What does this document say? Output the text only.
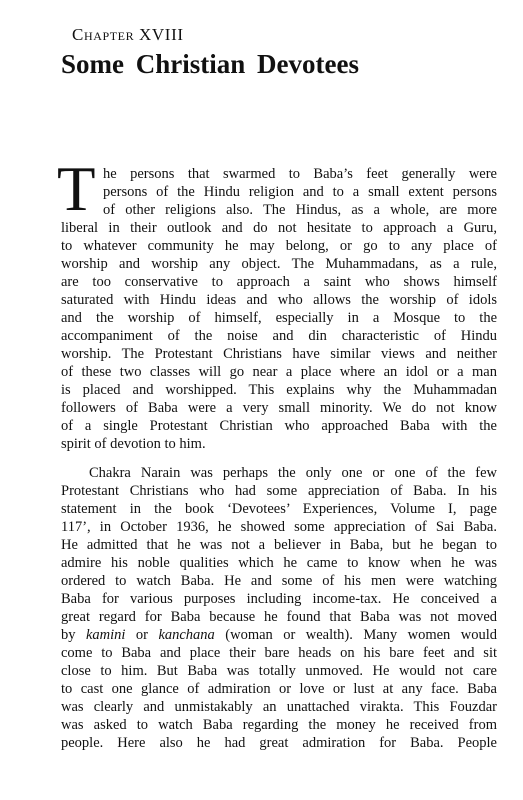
Chapter XVIII
Some Christian Devotees
T he persons that swarmed to Baba’s feet generally were
persons of the Hindu religion and to a small extent persons
of other religions also. The Hindus, as a whole, are more
liberal in their outlook and do not hesitate to approach a Guru,
to whatever community he may belong, or go to any place of
worship and worship any object. The Muhammadans, as a rule,
are too conservative to approach a saint who shows himself
saturated with Hindu ideas and who allows the worship of idols
and the worship of himself, especially in a Mosque to the
accompaniment of the noise and din characteristic of Hindu
worship. The Protestant Christians have similar views and neither
of these two classes will go near a place where an idol or a man
is placed and worshipped. This explains why the Muhammadan
followers of Baba were a very small minority. We do not know
of a single Protestant Christian who approached Baba with the
spirit of devotion to him.
Chakra Narain was perhaps the only one or one of the few
Protestant Christians who had some appreciation of Baba. In his
statement in the book ‘Devotees’ Experiences, Volume I, page
117’, in October 1936, he showed some appreciation of Sai Baba.
He admitted that he was not a believer in Baba, but he began to
admire his noble qualities which he came to know when he was
ordered to watch Baba. He and some of his men were watching
Baba for various purposes including income-tax. He conceived a
great regard for Baba because he found that Baba was not moved
by kamini or kanchana (woman or wealth). Many women would
come to Baba and place their bare heads on his bare feet and sit
close to him. But Baba was totally unmoved. He would not care
to cast one glance of admiration or love or lust at any face. Baba
was clearly and unmistakably an unattached virakta. This Fouzdar
was asked to watch Baba regarding the money he received from
people. Here also he had great admiration for Baba. People
